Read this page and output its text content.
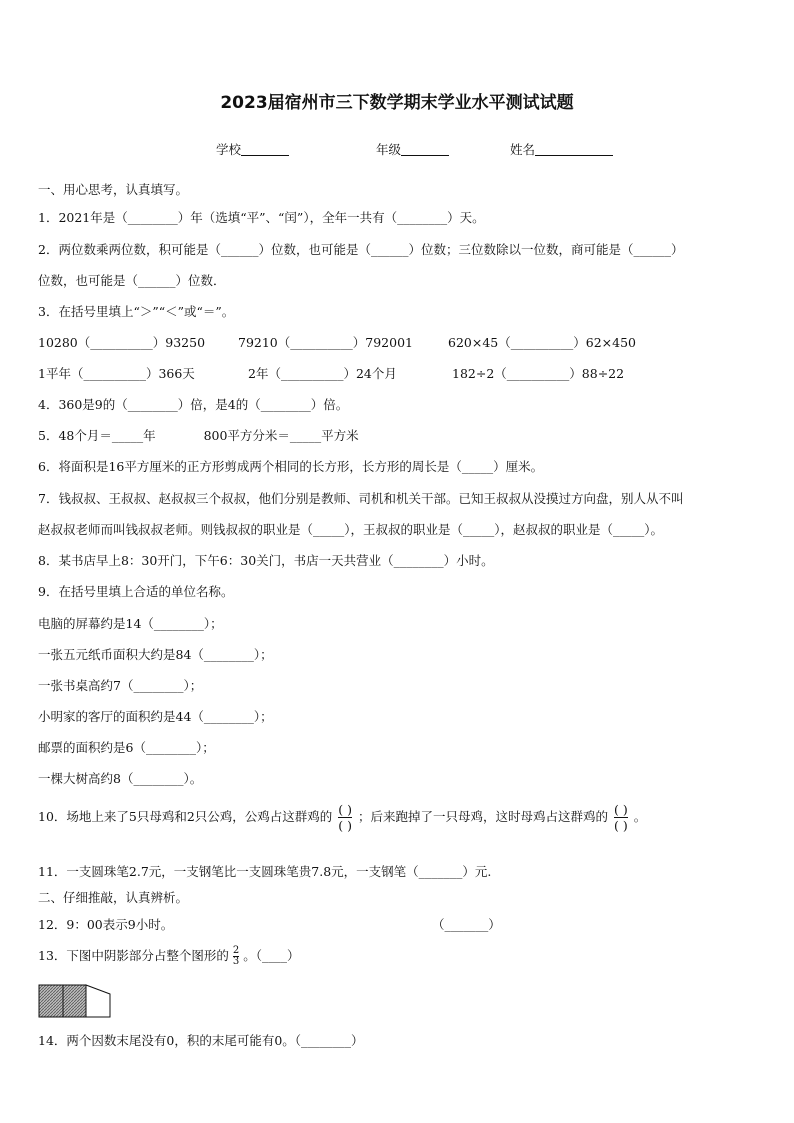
2023届宿州市三下数学期末学业水平测试试题
学校	年级	姓名
一、用心思考，认真填写。
1．2021年是（________）年（选填“平”、“闰”），全年一共有（________）天。
2．两位数乘两位数，积可能是（______）位数，也可能是（______）位数；三位数除以一位数，商可能是（______）
位数，也可能是（______）位数．
3．在括号里填上“＞”“＜”或“＝”。
10280（__________）93250	79210（__________）792001	620×45（__________）62×450
1平年（__________）366天	2年（__________）24个月	182÷2（__________）88÷22
4．360是9的（________）倍，是4的（________）倍。
5．48个月＝_____年	800平方分米＝_____平方米
6．将面积是16平方厘米的正方形剪成两个相同的长方形，长方形的周长是（_____）厘米。
7．钱叔叔、王叔叔、赵叔叔三个叔叔，他们分别是教师、司机和机关干部。已知王叔叔从没摸过方向盘，别人从不叫
赵叔叔老师而叫钱叔叔老师。则钱叔叔的职业是（_____），王叔叔的职业是（_____），赵叔叔的职业是（_____）。
8．某书店早上8：30开门，下午6：30关门，书店一天共营业（________）小时。
9．在括号里填上合适的单位名称。
电脑的屏幕约是14（________）；
一张五元纸币面积大约是84（________）；
一张书桌高约7（________）；
小明家的客厅的面积约是44（________）；
邮票的面积约是6（________）；
一棵大树高约8（________）。
10．场地上来了5只母鸡和2只公鸡，公鸡占这群鸡的 $\frac{( )}{( )}$ ；后来跑掉了一只母鸡，这时母鸡占这群鸡的 $\frac{( )}{( )}$ 。
11．一支圆珠笔2.7元，一支钢笔比一支圆珠笔贵7.8元，一支钢笔（_______）元.
二、仔细推敲，认真辨析。
12．9：00表示9小时。	（_______）
13．下图中阴影部分占整个图形的 $\frac{2}{3}$ 。（____）
14．两个因数末尾没有0，积的末尾可能有0。（________）
